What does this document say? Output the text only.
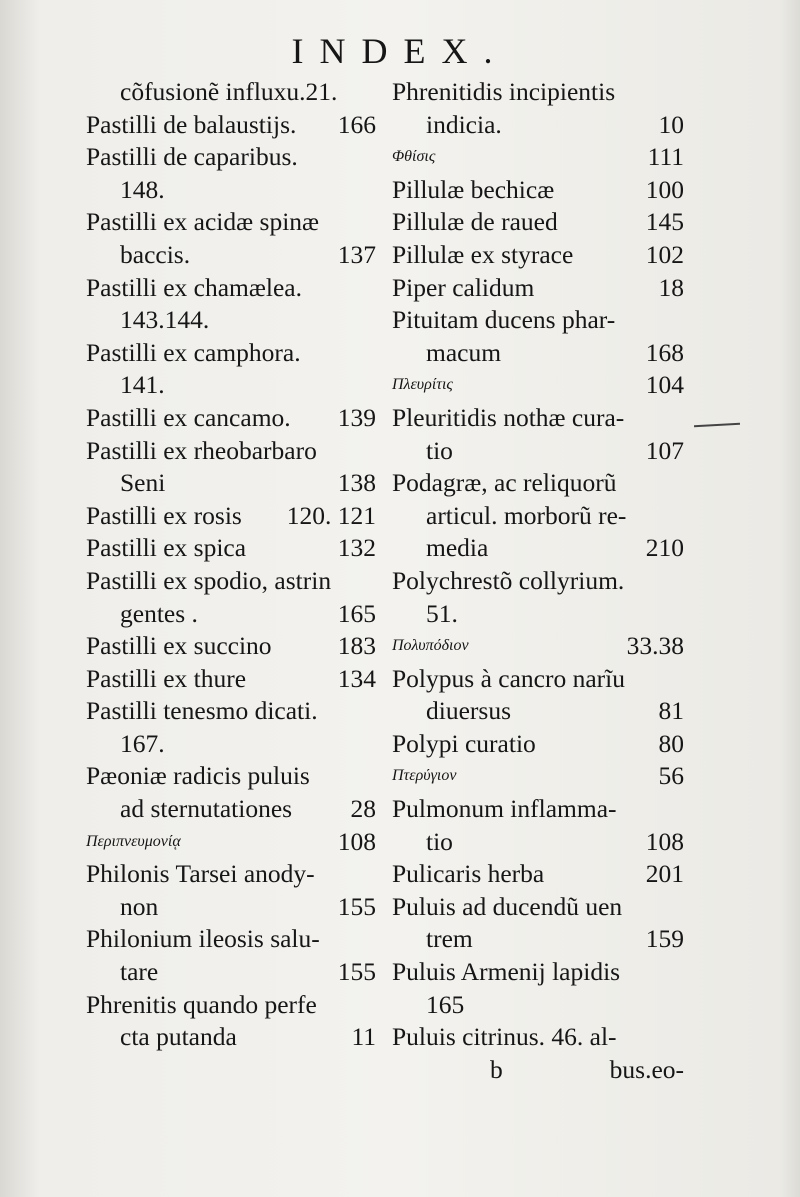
INDEX.
cõfusionẽ influxu.21.
Pastilli de balaustijs. 166
Pastilli de caparibus.
148.
Pastilli ex acidæ spinæ
baccis.	137
Pastilli ex chamælea.
143.144.
Pastilli ex camphora.
141.
Pastilli ex cancamo. 139
Pastilli ex rheobarbaro
Seni	138
Pastilli ex rosis 120. 121
Pastilli ex spica	132
Pastilli ex spodio, astrin
gentes .	165
Pastilli ex succino	183
Pastilli ex thure	134
Pastilli tenesmo dicati.
167.
Pæoniæ radicis puluis
ad sternutationes 28
Περιπνευμονίᾳ	108
Philonis Tarsei anody-
non	155
Philonium ileosis salu-
tare	155
Phrenitis quando perfe
cta putanda	11
Phrenitidis incipientis
indicia.	10
Φθίσις	111
Pillulæ bechicæ	100
Pillulæ de raued	145
Pillulæ ex styrace	102
Piper calidum	18
Pituitam ducens phar-
macum	168
Πλευρίτις	104
Pleuritidis nothæ cura-
tio	107
Podagræ, ac reliquorũ
articul. morborũ re-
media	210
Polychrestõ collyrium.
51.
Πολυπόδιον	33.38
Polypus à cancro narĩu
diuersus	81
Polypi curatio	80
Πτερύγιον	56
Pulmonum inflamma-
tio	108
Pulicaris herba	201
Puluis ad ducendũ uen
trem	159
Puluis Armenij lapidis
165
Puluis citrinus. 46. al-
b	bus.eo-
